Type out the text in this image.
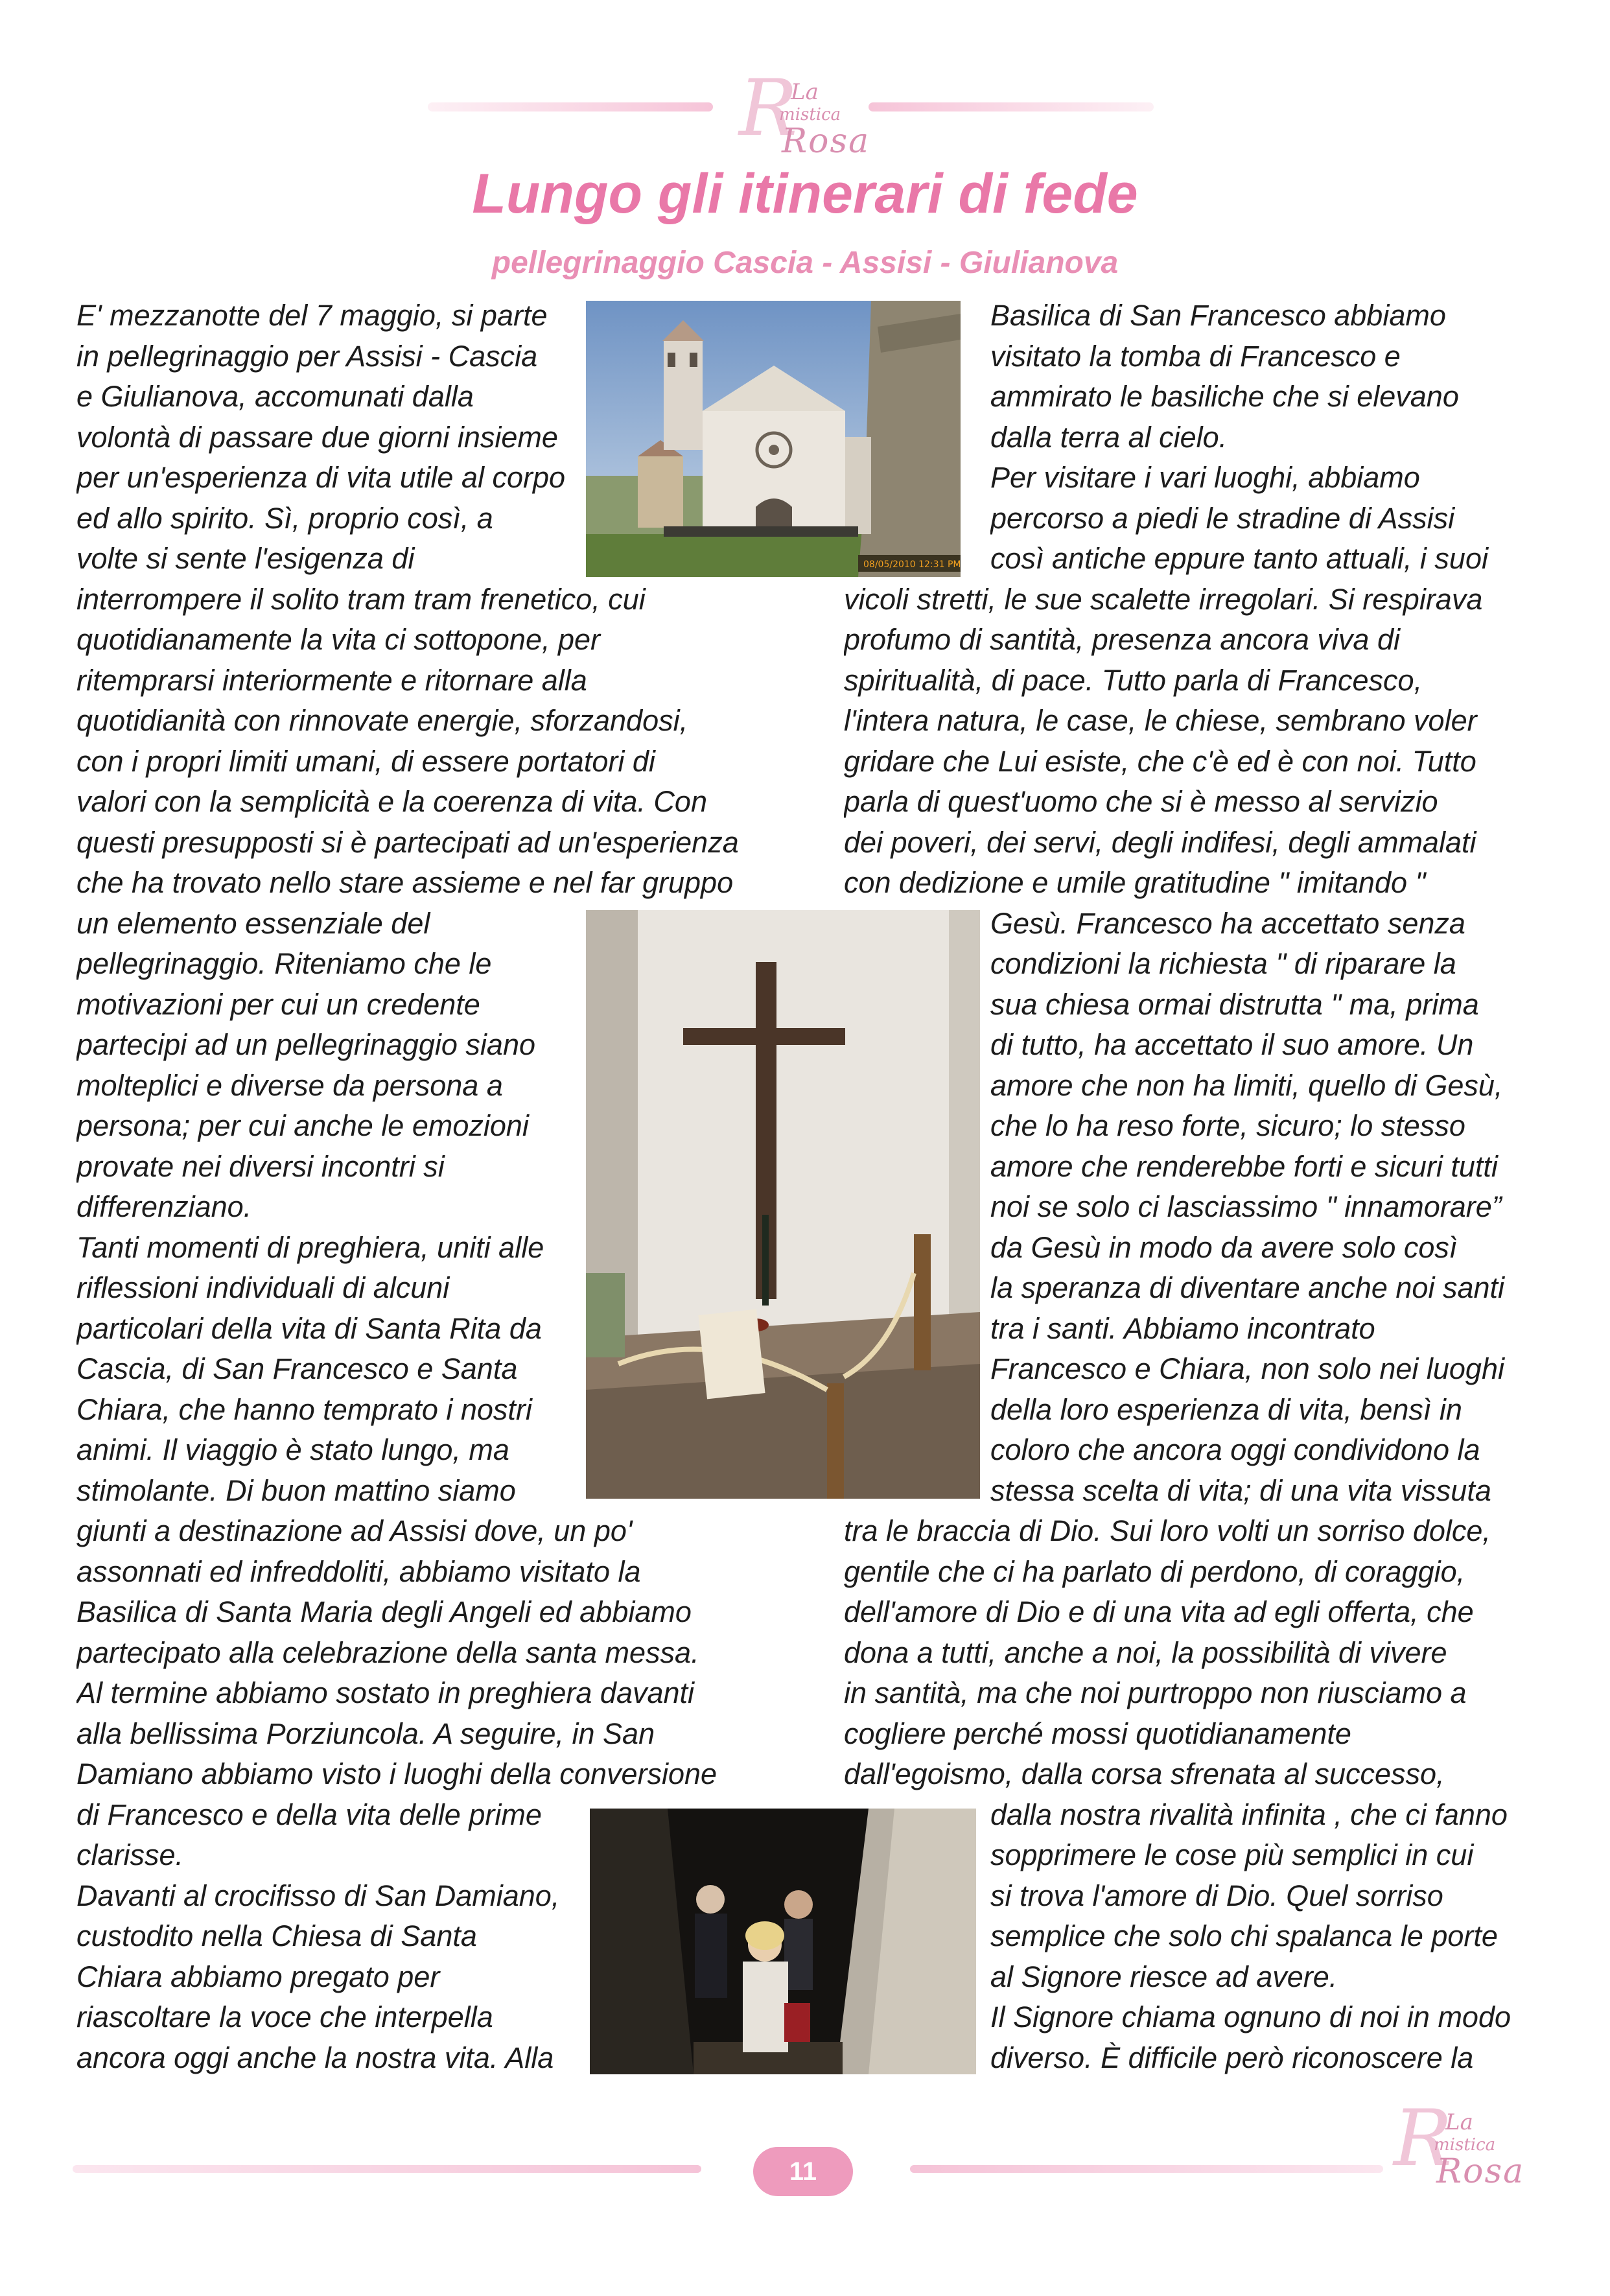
R
La
mistica
Rosa
Lungo gli itinerari di fede
pellegrinaggio Cascia - Assisi - Giulianova
E' mezzanotte del 7 maggio, si parte
in pellegrinaggio per Assisi - Cascia
e Giulianova, accomunati dalla
volontà di passare due giorni insieme
per un'esperienza di vita utile al corpo
ed allo spirito. Sì, proprio così, a
volte si sente l'esigenza di
interrompere il solito tram tram frenetico, cui
quotidianamente la vita ci sottopone, per
ritemprarsi interiormente e ritornare alla
quotidianità con rinnovate energie, sforzandosi,
con i propri limiti umani, di essere portatori di
valori con la semplicità e la coerenza di vita. Con
questi presupposti si è partecipati ad un'esperienza
che ha trovato nello stare assieme e nel far gruppo
un elemento essenziale del
pellegrinaggio. Riteniamo che le
motivazioni per cui un credente
partecipi ad un pellegrinaggio siano
molteplici e diverse da persona a
persona; per cui anche le emozioni
provate nei diversi incontri si
differenziano.
Tanti momenti di preghiera, uniti alle
riflessioni individuali di alcuni
particolari della vita di Santa Rita da
Cascia, di San Francesco e Santa
Chiara, che hanno temprato i nostri
animi. Il viaggio è stato lungo, ma
stimolante. Di buon mattino siamo
giunti a destinazione ad Assisi dove, un po'
assonnati ed infreddoliti, abbiamo visitato la
Basilica di Santa Maria degli Angeli ed abbiamo
partecipato alla celebrazione della santa messa.
Al termine abbiamo sostato in preghiera davanti
alla bellissima Porziuncola. A seguire, in San
Damiano abbiamo visto i luoghi della conversione
di Francesco e della vita delle prime
clarisse.
Davanti al crocifisso di San Damiano,
custodito nella Chiesa di Santa
Chiara abbiamo pregato per
riascoltare la voce che interpella
ancora oggi anche la nostra vita. Alla
Basilica di San Francesco abbiamo
visitato la tomba di Francesco e
ammirato le basiliche che si elevano
dalla terra al cielo.
Per visitare i vari luoghi, abbiamo
percorso a piedi le stradine di Assisi
così antiche eppure tanto attuali, i suoi
vicoli stretti, le sue scalette irregolari. Si respirava
profumo di santità, presenza ancora viva di
spiritualità, di pace. Tutto parla di Francesco,
l'intera natura, le case, le chiese, sembrano voler
gridare che Lui esiste, che c'è ed è con noi. Tutto
parla di quest'uomo che si è messo al servizio
dei poveri, dei servi, degli indifesi, degli ammalati
con dedizione e umile gratitudine " imitando "
Gesù. Francesco ha accettato senza
condizioni la richiesta " di riparare la
sua chiesa ormai distrutta " ma, prima
di tutto, ha accettato il suo amore. Un
amore che non ha limiti, quello di Gesù,
che lo ha reso forte, sicuro; lo stesso
amore che renderebbe forti e sicuri tutti
noi se solo ci lasciassimo " innamorare”
da Gesù in modo da avere solo così
la speranza di diventare anche noi santi
tra i santi. Abbiamo incontrato
Francesco e Chiara, non solo nei luoghi
della loro esperienza di vita, bensì in
coloro che ancora oggi condividono la
stessa scelta di vita; di una vita vissuta
tra le braccia di Dio. Sui loro volti un sorriso dolce,
gentile che ci ha parlato di perdono, di coraggio,
dell'amore di Dio e di una vita ad egli offerta, che
dona a tutti, anche a noi, la possibilità di vivere
in santità, ma che noi purtroppo non riusciamo a
cogliere perché mossi quotidianamente
dall'egoismo, dalla corsa sfrenata al successo,
dalla nostra rivalità infinita , che ci fanno
sopprimere le cose più semplici in cui
si trova l'amore di Dio. Quel sorriso
semplice che solo chi spalanca le porte
al Signore riesce ad avere.
Il Signore chiama ognuno di noi in modo
diverso. È difficile però riconoscere la
08/05/2010 12:31 PM
11	R
La
mistica
Rosa
